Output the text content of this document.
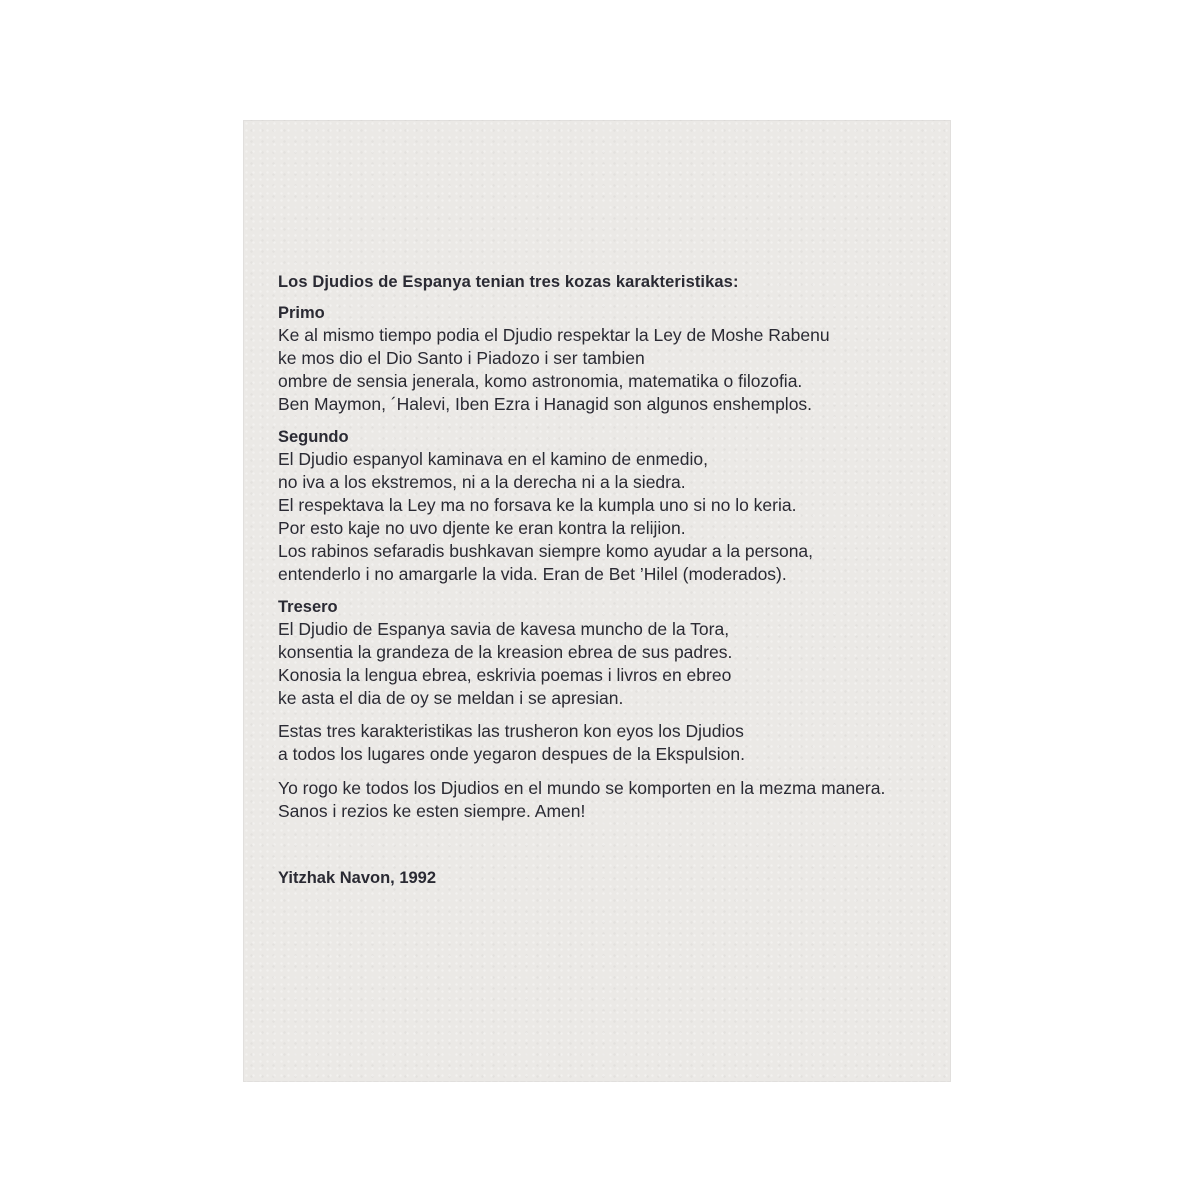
Los Djudios de Espanya tenian tres kozas karakteristikas:
Primo
Ke al mismo tiempo podia el Djudio respektar la Ley de Moshe Rabenu
ke mos dio el Dio Santo i Piadozo i ser tambien
ombre de sensia jenerala, komo astronomia, matematika o filozofia.
Ben Maymon, ´Halevi, Iben Ezra i Hanagid son algunos enshemplos.
Segundo
El Djudio espanyol kaminava en el kamino de enmedio,
no iva a los ekstremos, ni a la derecha ni a la siedra.
El respektava la Ley ma no forsava ke la kumpla uno si no lo keria.
Por esto kaje no uvo djente ke eran kontra la relijion.
Los rabinos sefaradis bushkavan siempre komo ayudar a la persona,
entenderlo i no amargarle la vida. Eran de Bet ’Hilel (moderados).
Tresero
El Djudio de Espanya savia de kavesa muncho de la Tora,
konsentia la grandeza de la kreasion ebrea de sus padres.
Konosia la lengua ebrea, eskrivia poemas i livros en ebreo
ke asta el dia de oy se meldan i se apresian.
Estas tres karakteristikas las trusheron kon eyos los Djudios
a todos los lugares onde yegaron despues de la Ekspulsion.
Yo rogo ke todos los Djudios en el mundo se komporten en la mezma manera.
Sanos i rezios ke esten siempre. Amen!
Yitzhak Navon, 1992
